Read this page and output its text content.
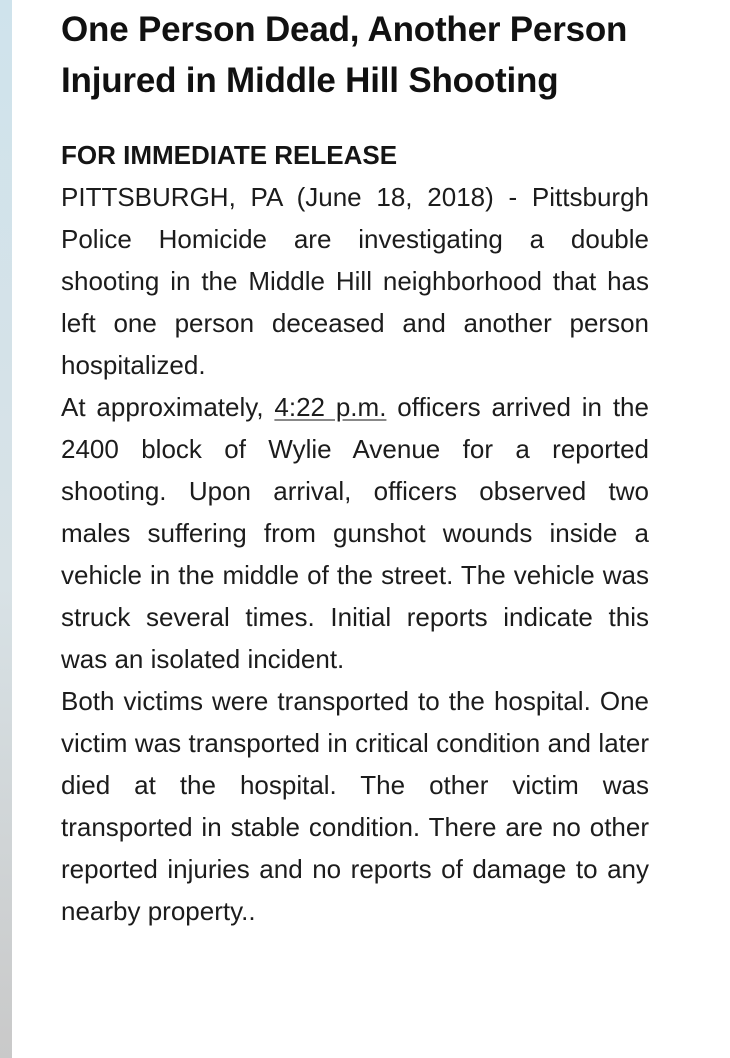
One Person Dead, Another Person Injured in Middle Hill Shooting

FOR IMMEDIATE RELEASE

PITTSBURGH, PA (June 18, 2018) - Pittsburgh Police Homicide are investigating a double shooting in the Middle Hill neighborhood that has left one person deceased and another person hospitalized.

At approximately, 4:22 p.m. officers arrived in the 2400 block of Wylie Avenue for a reported shooting. Upon arrival, officers observed two males suffering from gunshot wounds inside a vehicle in the middle of the street. The vehicle was struck several times. Initial reports indicate this was an isolated incident.

Both victims were transported to the hospital. One victim was transported in critical condition and later died at the hospital. The other victim was transported in stable condition. There are no other reported injuries and no reports of damage to any nearby property..
